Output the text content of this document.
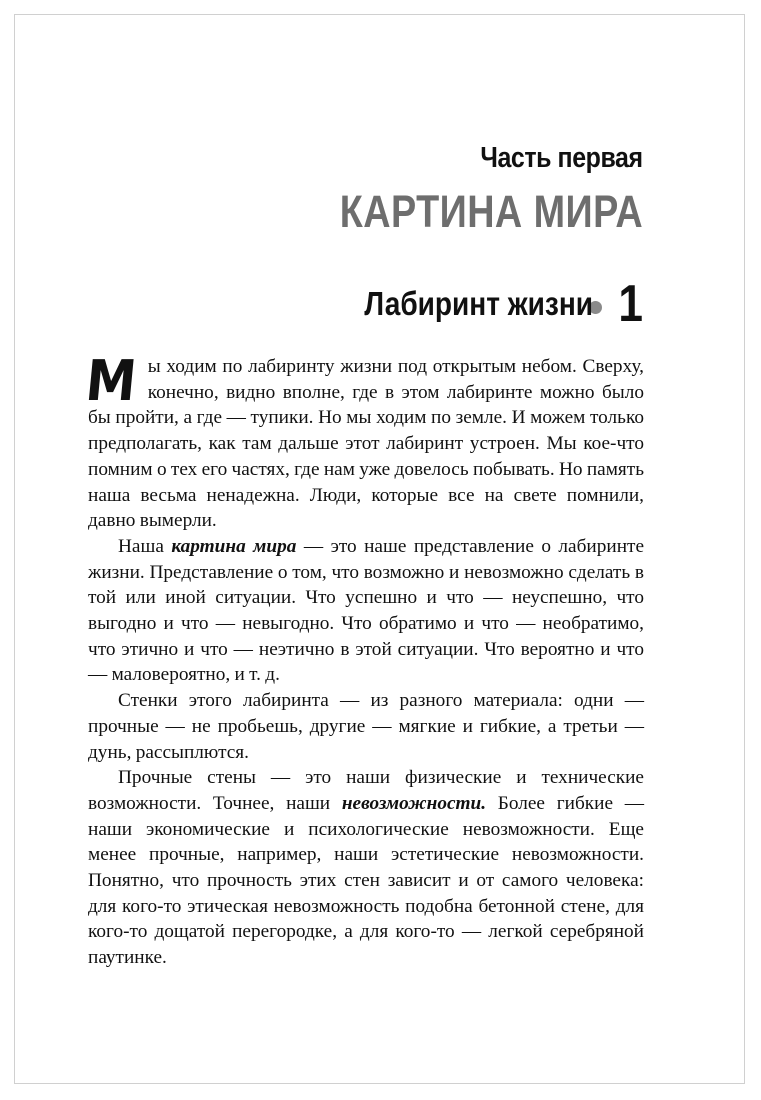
Часть первая
КАРТИНА МИРА
Лабиринт жизни 1

Мы ходим по лабиринту жизни под открытым небом. Сверху, конечно, видно вполне, где в этом лабиринте можно было бы пройти, а где — тупики. Но мы ходим по земле. И можем только предполагать, как там дальше этот лабиринт устроен. Мы кое-что помним о тех его частях, где нам уже довелось побывать. Но память наша весьма ненадежна. Люди, которые все на свете помнили, давно вымерли.

Наша картина мира — это наше представление о лабиринте жизни. Представление о том, что возможно и невозможно сделать в той или иной ситуации. Что успешно и что — неуспешно, что выгодно и что — невыгодно. Что обратимо и что — необратимо, что этично и что — неэтично в этой ситуации. Что вероятно и что — маловероятно, и т. д.

Стенки этого лабиринта — из разного материала: одни — прочные — не пробьешь, другие — мягкие и гибкие, а третьи — дунь, рассыплются.

Прочные стены — это наши физические и технические возможности. Точнее, наши невозможности. Более гибкие — наши экономические и психологические невозможности. Еще менее прочные, например, наши эстетические невозможности. Понятно, что прочность этих стен зависит и от самого человека: для кого-то этическая невозможность подобна бетонной стене, для кого-то дощатой перегородке, а для кого-то — легкой серебряной паутинке.
